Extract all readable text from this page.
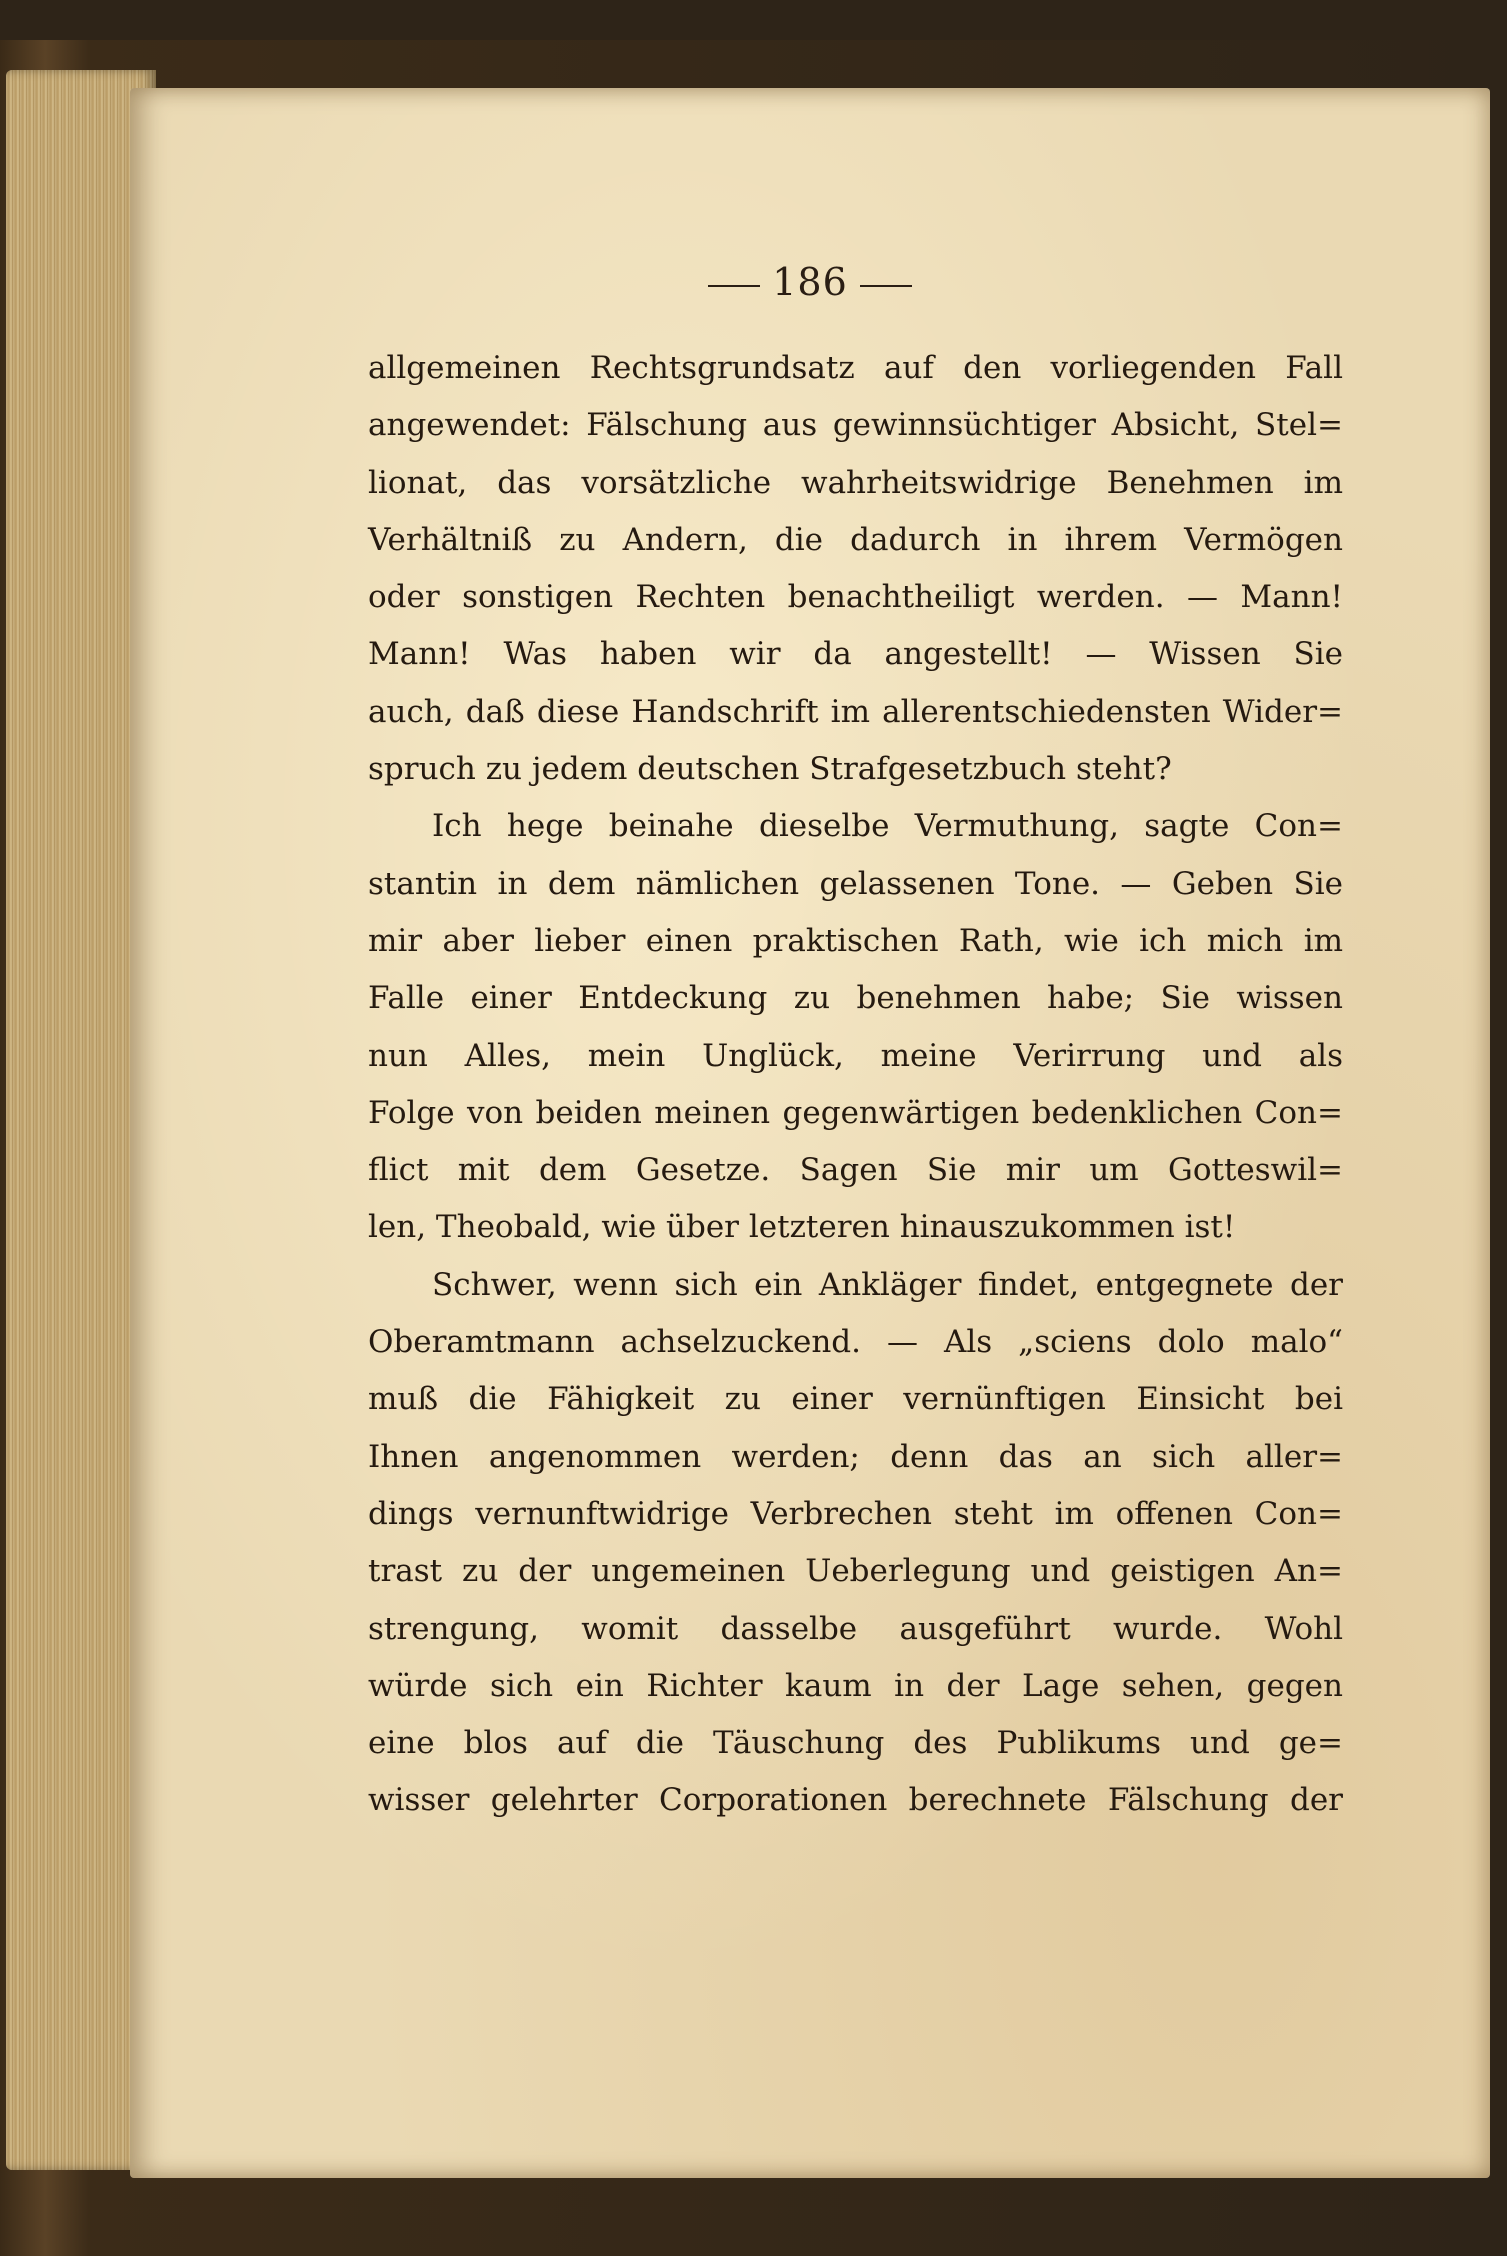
186
allgemeinen Rechtsgrundsatz auf den vorliegenden Fall
angewendet: Fälschung aus gewinnsüchtiger Absicht, Stel=
lionat, das vorsätzliche wahrheitswidrige Benehmen im
Verhältniß zu Andern, die dadurch in ihrem Vermögen
oder sonstigen Rechten benachtheiligt werden. — Mann!
Mann! Was haben wir da angestellt! — Wissen Sie
auch, daß diese Handschrift im allerentschiedensten Wider=
spruch zu jedem deutschen Strafgesetzbuch steht?
Ich hege beinahe dieselbe Vermuthung, sagte Con=
stantin in dem nämlichen gelassenen Tone. — Geben Sie
mir aber lieber einen praktischen Rath, wie ich mich im
Falle einer Entdeckung zu benehmen habe; Sie wissen
nun Alles, mein Unglück, meine Verirrung und als
Folge von beiden meinen gegenwärtigen bedenklichen Con=
flict mit dem Gesetze. Sagen Sie mir um Gotteswil=
len, Theobald, wie über letzteren hinauszukommen ist!
Schwer, wenn sich ein Ankläger findet, entgegnete der
Oberamtmann achselzuckend. — Als „sciens dolo malo“
muß die Fähigkeit zu einer vernünftigen Einsicht bei
Ihnen angenommen werden; denn das an sich aller=
dings vernunftwidrige Verbrechen steht im offenen Con=
trast zu der ungemeinen Ueberlegung und geistigen An=
strengung, womit dasselbe ausgeführt wurde. Wohl
würde sich ein Richter kaum in der Lage sehen, gegen
eine blos auf die Täuschung des Publikums und ge=
wisser gelehrter Corporationen berechnete Fälschung der
